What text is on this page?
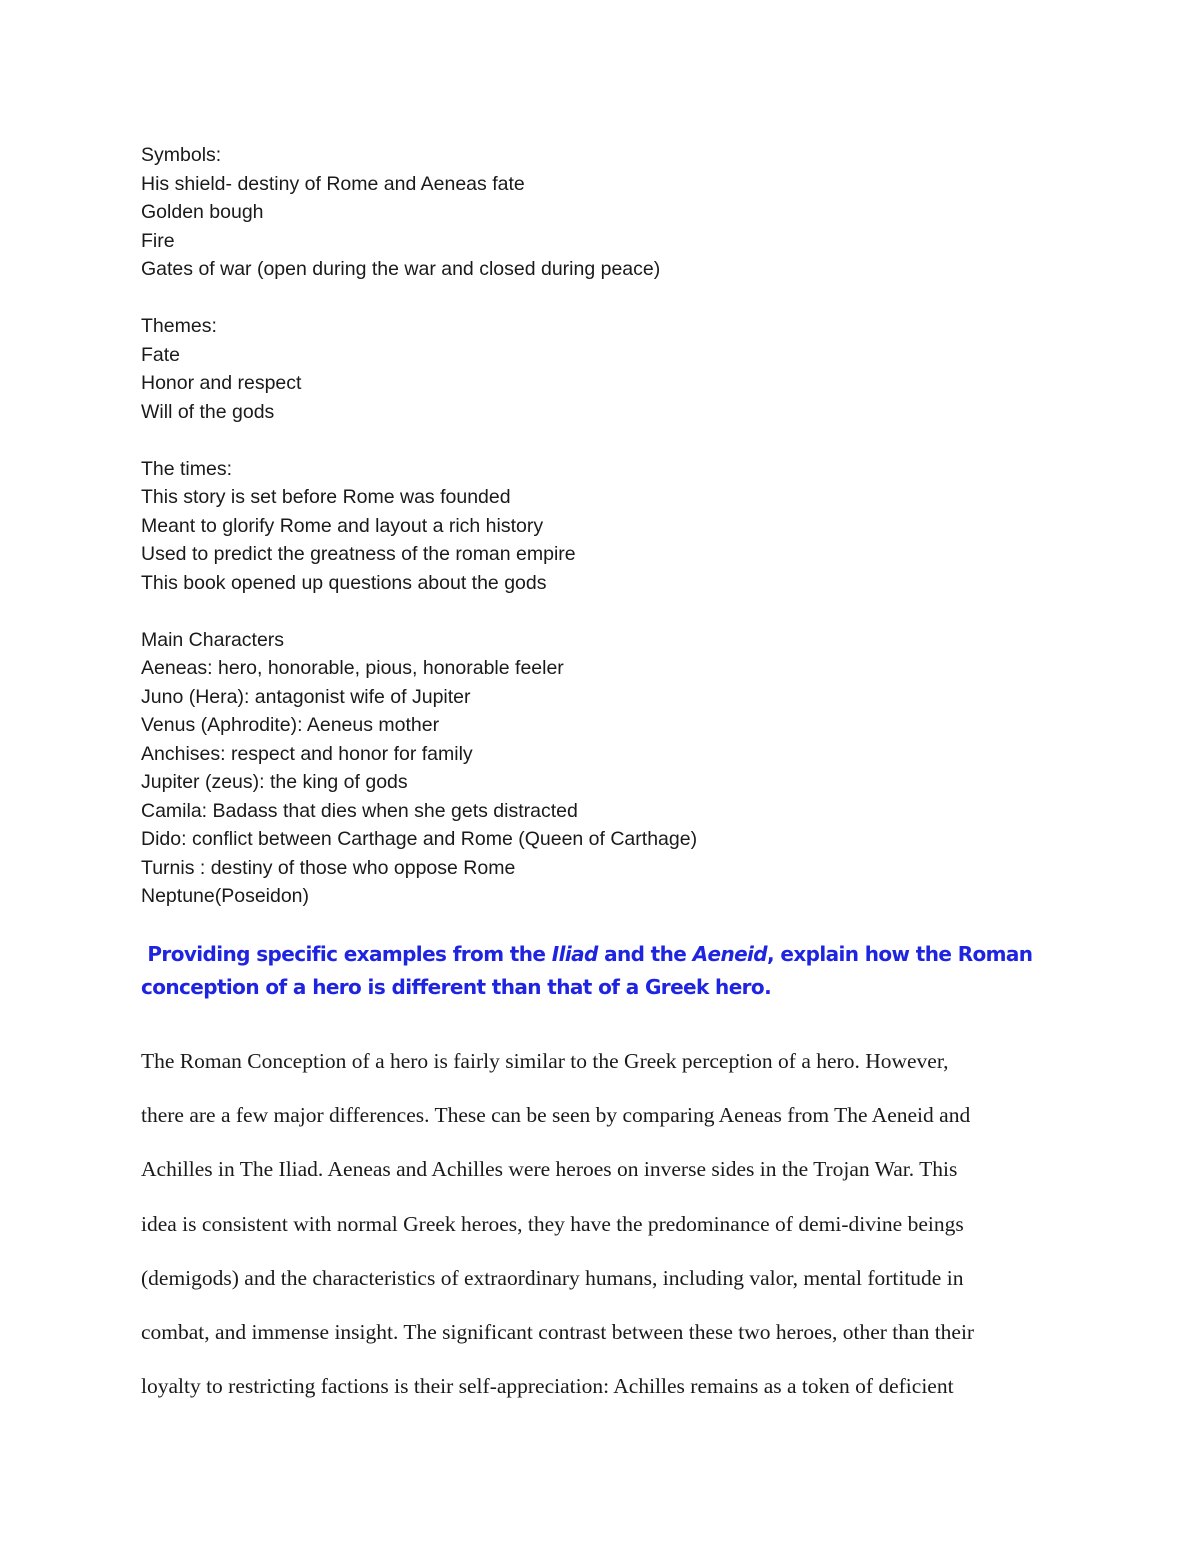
Symbols:

His shield- destiny of Rome and Aeneas fate

Golden bough

Fire

Gates of war (open during the war and closed during peace)

Themes:

Fate

Honor and respect

Will of the gods

The times:

This story is set before Rome was founded

Meant to glorify Rome and layout a rich history

Used to predict the greatness of the roman empire

This book opened up questions about the gods

Main Characters

Aeneas: hero, honorable, pious, honorable feeler

Juno (Hera): antagonist wife of Jupiter

Venus (Aphrodite): Aeneus mother

Anchises: respect and honor for family

Jupiter (zeus): the king of gods

Camila: Badass that dies when she gets distracted

Dido: conflict between Carthage and Rome (Queen of Carthage)

Turnis : destiny of those who oppose Rome

Neptune(Poseidon)

Providing specific examples from the Iliad and the Aeneid, explain how the Roman

conception of a hero is different than that of a Greek hero.

The Roman Conception of a hero is fairly similar to the Greek perception of a hero. However,

there are a few major differences. These can be seen by comparing Aeneas from The Aeneid and

Achilles in The Iliad. Aeneas and Achilles were heroes on inverse sides in the Trojan War. This

idea is consistent with normal Greek heroes, they have the predominance of demi-divine beings

(demigods) and the characteristics of extraordinary humans, including valor, mental fortitude in

combat, and immense insight. The significant contrast between these two heroes, other than their

loyalty to restricting factions is their self-appreciation: Achilles remains as a token of deficient
